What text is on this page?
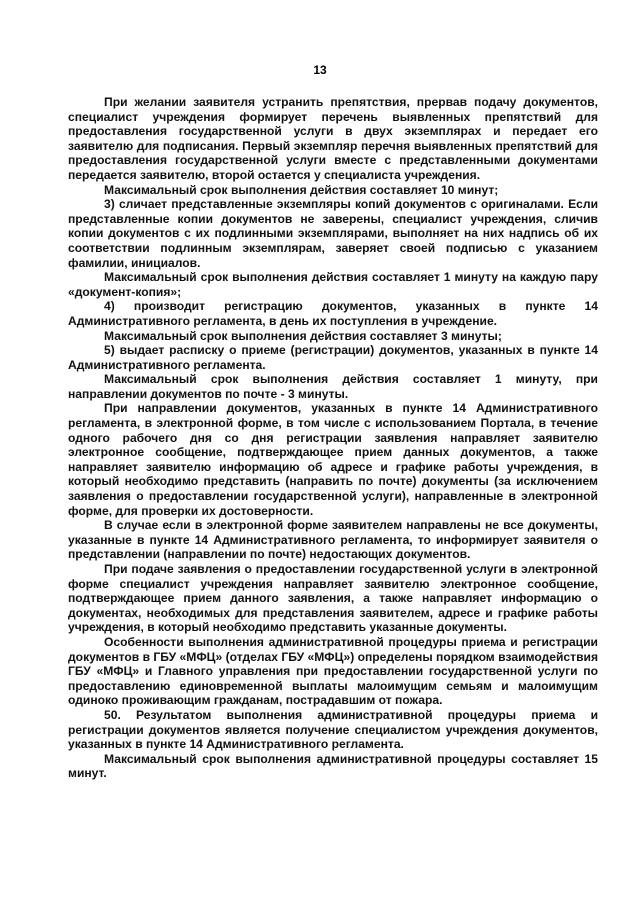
13

При желании заявителя устранить препятствия, прервав подачу документов, специалист учреждения формирует перечень выявленных препятствий для предоставления государственной услуги в двух экземплярах и передает его заявителю для подписания. Первый экземпляр перечня выявленных препятствий для предоставления государственной услуги вместе с представленными документами передается заявителю, второй остается у специалиста учреждения.

Максимальный срок выполнения действия составляет 10 минут;

3) сличает представленные экземпляры копий документов с оригиналами. Если представленные копии документов не заверены, специалист учреждения, сличив копии документов с их подлинными экземплярами, выполняет на них надпись об их соответствии подлинным экземплярам, заверяет своей подписью с указанием фамилии, инициалов.

Максимальный срок выполнения действия составляет 1 минуту на каждую пару «документ-копия»;

4) производит регистрацию документов, указанных в пункте 14 Административного регламента, в день их поступления в учреждение.

Максимальный срок выполнения действия составляет 3 минуты;

5) выдает расписку о приеме (регистрации) документов, указанных в пункте 14 Административного регламента.

Максимальный срок выполнения действия составляет 1 минуту, при направлении документов по почте - 3 минуты.

При направлении документов, указанных в пункте 14 Административного регламента, в электронной форме, в том числе с использованием Портала, в течение одного рабочего дня со дня регистрации заявления направляет заявителю электронное сообщение, подтверждающее прием данных документов, а также направляет заявителю информацию об адресе и графике работы учреждения, в который необходимо представить (направить по почте) документы (за исключением заявления о предоставлении государственной услуги), направленные в электронной форме, для проверки их достоверности.

В случае если в электронной форме заявителем направлены не все документы, указанные в пункте 14 Административного регламента, то информирует заявителя о представлении (направлении по почте) недостающих документов.

При подаче заявления о предоставлении государственной услуги в электронной форме специалист учреждения направляет заявителю электронное сообщение, подтверждающее прием данного заявления, а также направляет информацию о документах, необходимых для представления заявителем, адресе и графике работы учреждения, в который необходимо представить указанные документы.

Особенности выполнения административной процедуры приема и регистрации документов в ГБУ «МФЦ» (отделах ГБУ «МФЦ») определены порядком взаимодействия ГБУ «МФЦ» и Главного управления при предоставлении государственной услуги по предоставлению единовременной выплаты малоимущим семьям и малоимущим одиноко проживающим гражданам, пострадавшим от пожара.

50. Результатом выполнения административной процедуры приема и регистрации документов является получение специалистом учреждения документов, указанных в пункте 14 Административного регламента.

Максимальный срок выполнения административной процедуры составляет 15 минут.
